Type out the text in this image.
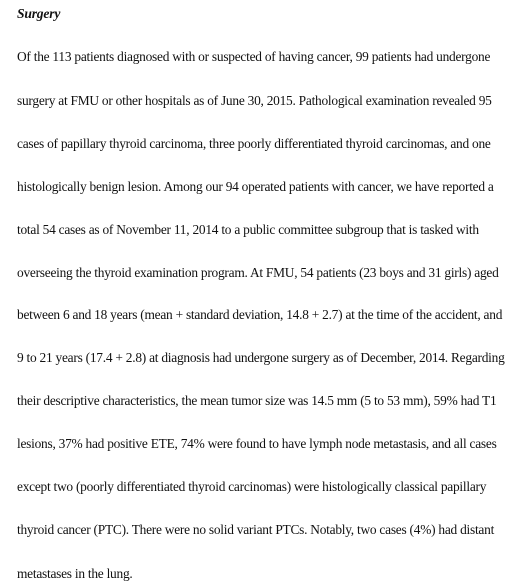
Surgery
Of the 113 patients diagnosed with or suspected of having cancer, 99 patients had undergone
surgery at FMU or other hospitals as of June 30, 2015. Pathological examination revealed 95
cases of papillary thyroid carcinoma, three poorly differentiated thyroid carcinomas, and one
histologically benign lesion. Among our 94 operated patients with cancer, we have reported a
total 54 cases as of November 11, 2014 to a public committee subgroup that is tasked with
overseeing the thyroid examination program. At FMU, 54 patients (23 boys and 31 girls) aged
between 6 and 18 years (mean + standard deviation, 14.8 + 2.7) at the time of the accident, and
9 to 21 years (17.4 + 2.8) at diagnosis had undergone surgery as of December, 2014. Regarding
their descriptive characteristics, the mean tumor size was 14.5 mm (5 to 53 mm), 59% had T1
lesions, 37% had positive ETE, 74% were found to have lymph node metastasis, and all cases
except two (poorly differentiated thyroid carcinomas) were histologically classical papillary
thyroid cancer (PTC). There were no solid variant PTCs. Notably, two cases (4%) had distant
metastases in the lung.
